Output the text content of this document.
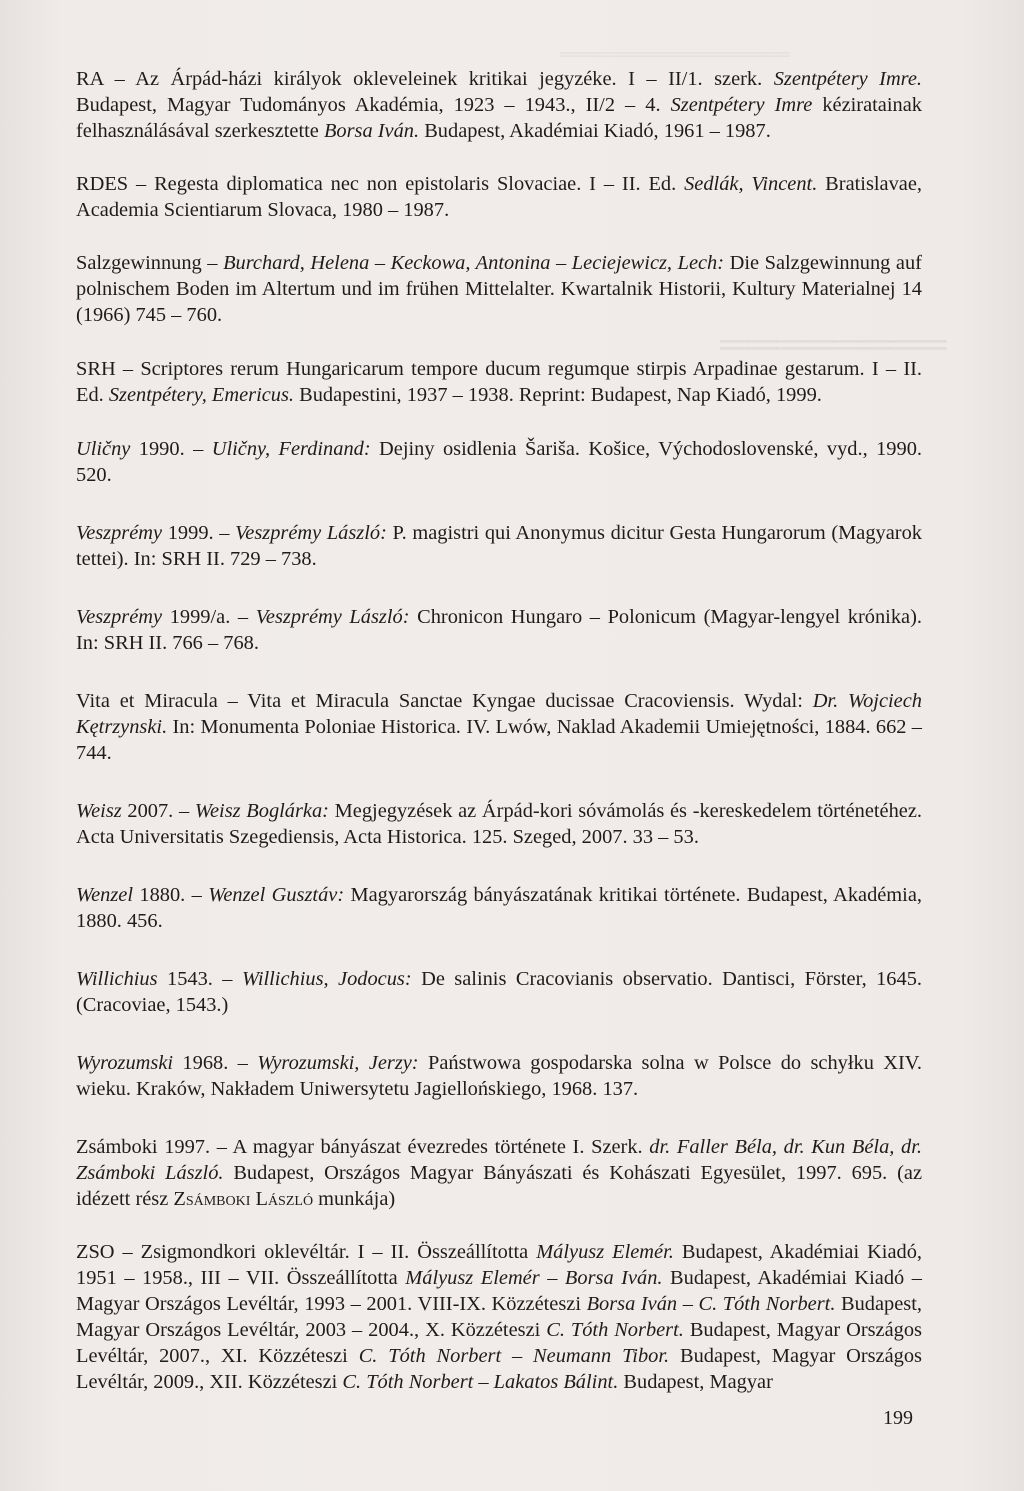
══════════════════
════════
RA – Az Árpád-házi királyok okleveleinek kritikai jegyzéke. I – II/1. szerk. Szentpétery Imre. Budapest, Magyar Tudományos Akadémia, 1923 – 1943., II/2 – 4. Szentpétery Imre kéziratainak felhasználásával szerkesztette Borsa Iván. Budapest, Akadémiai Kiadó, 1961 – 1987.
RDES – Regesta diplomatica nec non epistolaris Slovaciae. I – II. Ed. Sedlák, Vincent. Bratislavae, Academia Scientiarum Slovaca, 1980 – 1987.
Salzgewinnung – Burchard, Helena – Keckowa, Antonina – Leciejewicz, Lech: Die Salzgewinnung auf polnischem Boden im Altertum und im frühen Mittelalter. Kwartalnik Historii, Kultury Materialnej 14 (1966) 745 – 760.
SRH – Scriptores rerum Hungaricarum tempore ducum regumque stirpis Arpadinae gestarum. I – II. Ed. Szentpétery, Emericus. Budapestini, 1937 – 1938. Reprint: Budapest, Nap Kiadó, 1999.
Uličny 1990. – Uličny, Ferdinand: Dejiny osidlenia Šariša. Košice, Východoslovenské, vyd., 1990. 520.
Veszprémy 1999. – Veszprémy László: P. magistri qui Anonymus dicitur Gesta Hungarorum (Magyarok tettei). In: SRH II. 729 – 738.
Veszprémy 1999/a. – Veszprémy László: Chronicon Hungaro – Polonicum (Magyar-lengyel krónika). In: SRH II. 766 – 768.
Vita et Miracula – Vita et Miracula Sanctae Kyngae ducissae Cracoviensis. Wydal: Dr. Wojciech Kętrzynski. In: Monumenta Poloniae Historica. IV. Lwów, Naklad Akademii Umiejętności, 1884. 662 – 744.
Weisz 2007. – Weisz Boglárka: Megjegyzések az Árpád-kori sóvámolás és -kereskedelem történetéhez. Acta Universitatis Szegediensis, Acta Historica. 125. Szeged, 2007. 33 – 53.
Wenzel 1880. – Wenzel Gusztáv: Magyarország bányászatának kritikai története. Budapest, Akadémia, 1880. 456.
Willichius 1543. – Willichius, Jodocus: De salinis Cracovianis observatio. Dantisci, Förster, 1645. (Cracoviae, 1543.)
Wyrozumski 1968. – Wyrozumski, Jerzy: Państwowa gospodarska solna w Polsce do schyłku XIV. wieku. Kraków, Nakładem Uniwersytetu Jagiellońskiego, 1968. 137.
Zsámboki 1997. – A magyar bányászat évezredes története I. Szerk. dr. Faller Béla, dr. Kun Béla, dr. Zsámboki László. Budapest, Országos Magyar Bányászati és Kohászati Egyesület, 1997. 695. (az idézett rész Zsámboki László munkája)
ZSO – Zsigmondkori oklevéltár. I – II. Összeállította Mályusz Elemér. Budapest, Akadémiai Kiadó, 1951 – 1958., III – VII. Összeállította Mályusz Elemér – Borsa Iván. Budapest, Akadémiai Kiadó – Magyar Országos Levéltár, 1993 – 2001. VIII-IX. Közzéteszi Borsa Iván – C. Tóth Norbert. Budapest, Magyar Országos Levéltár, 2003 – 2004., X. Közzéteszi C. Tóth Norbert. Budapest, Magyar Országos Levéltár, 2007., XI. Közzéteszi C. Tóth Norbert – Neumann Tibor. Budapest, Magyar Országos Levéltár, 2009., XII. Közzéteszi C. Tóth Norbert – Lakatos Bálint. Budapest, Magyar
199
